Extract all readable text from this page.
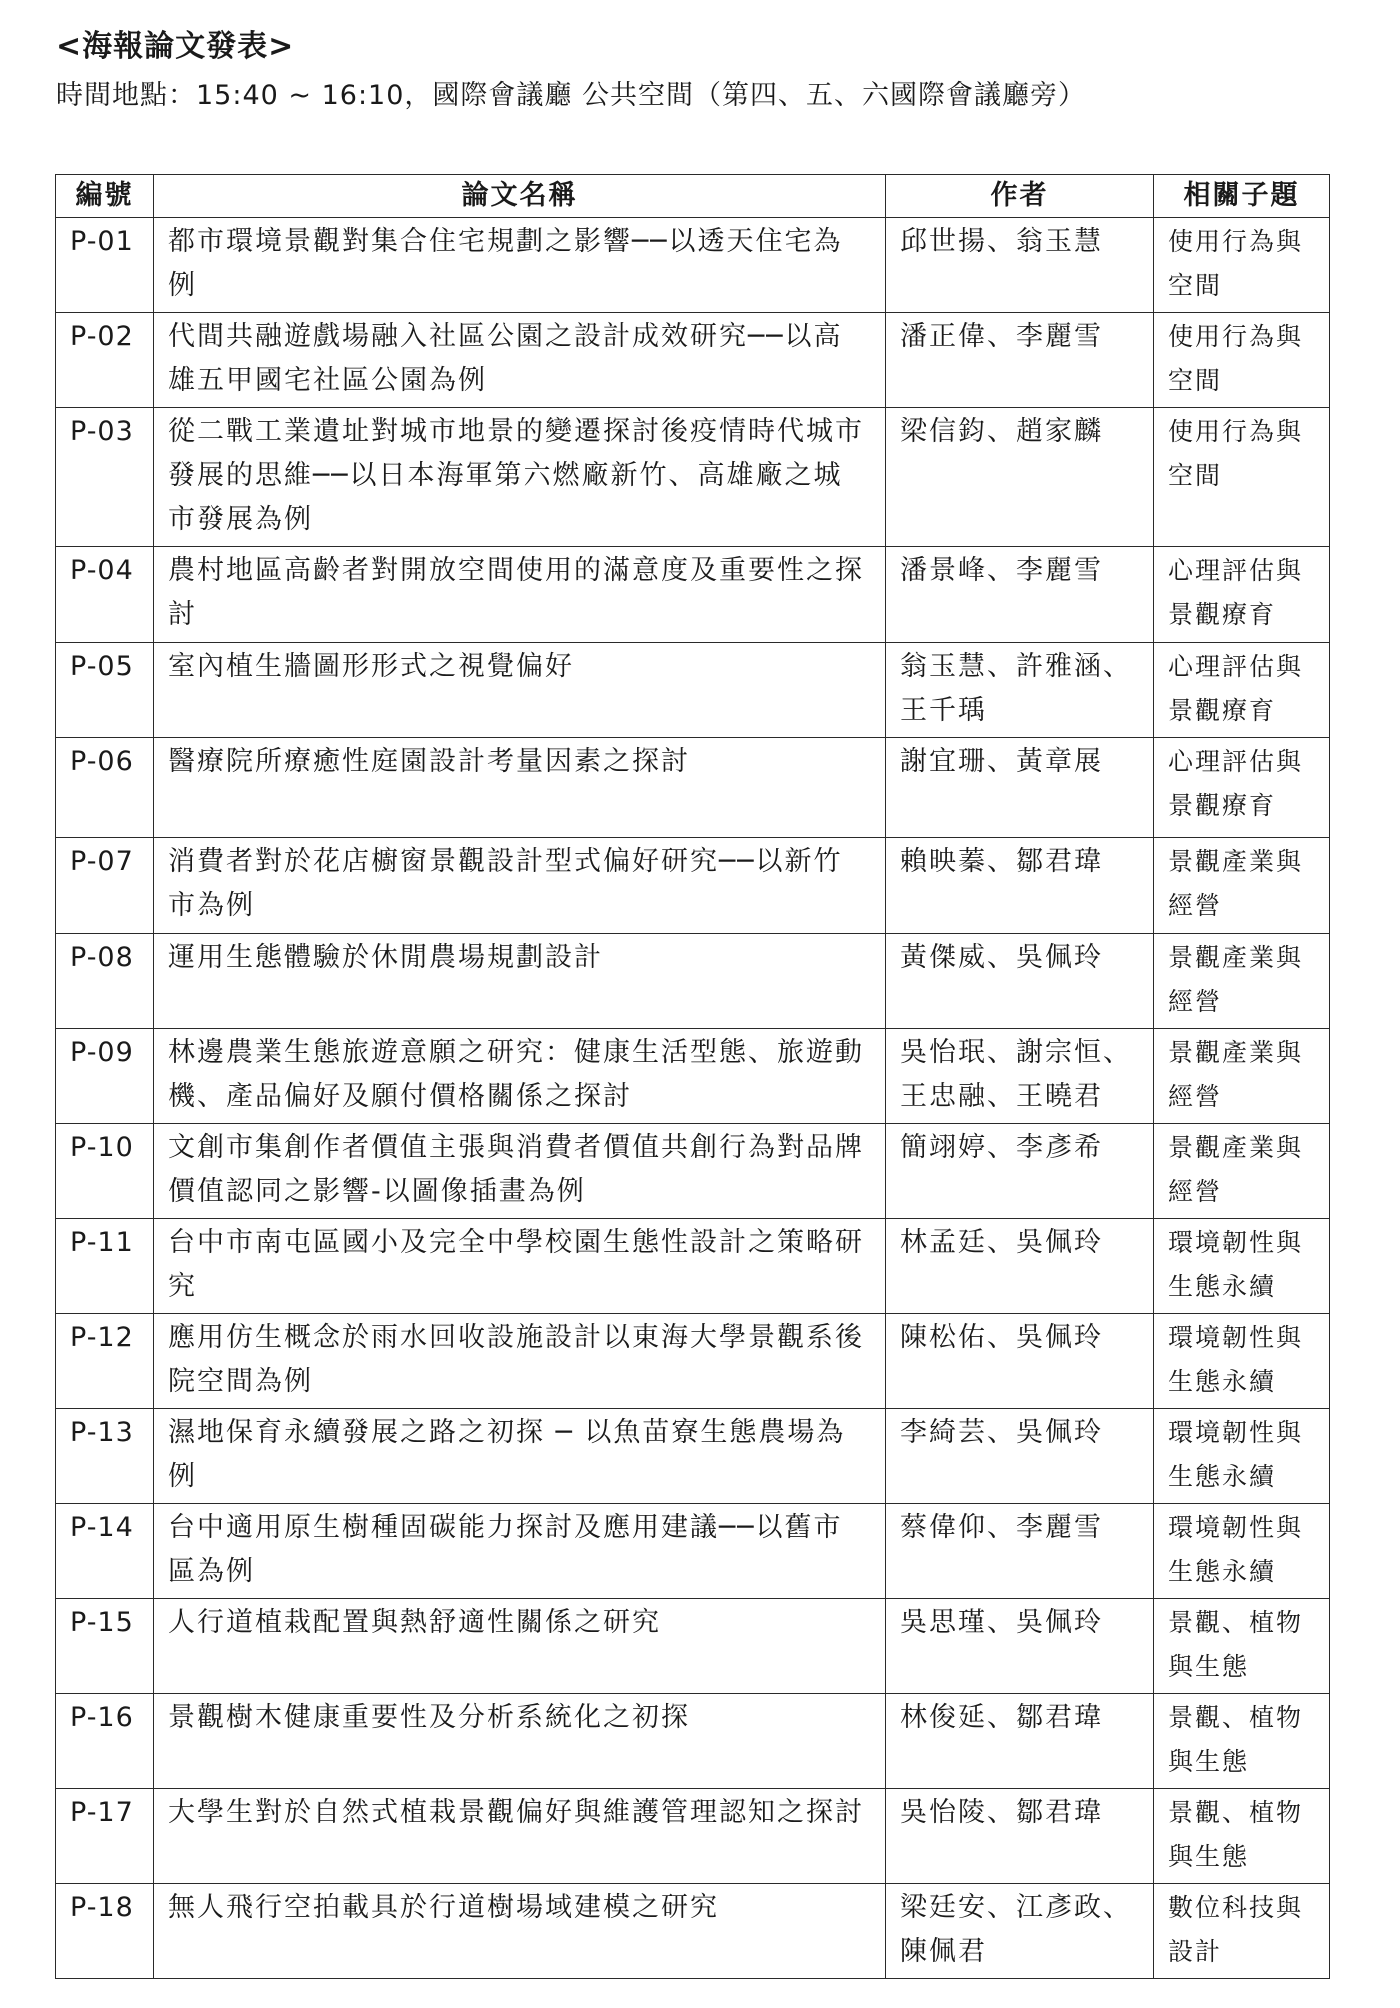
<海報論文發表>
時間地點：15:40 ~ 16:10，國際會議廳 公共空間（第四、五、六國際會議廳旁）
編號	論文名稱	作者	相關子題
P-01	都市環境景觀對集合住宅規劃之影響──以透天住宅為例	邱世揚、翁玉慧	使用行為與空間
P-02	代間共融遊戲場融入社區公園之設計成效研究──以高雄五甲國宅社區公園為例	潘正偉、李麗雪	使用行為與空間
P-03	從二戰工業遺址對城市地景的變遷探討後疫情時代城市發展的思維──以日本海軍第六燃廠新竹、高雄廠之城市發展為例	梁信鈞、趙家麟	使用行為與空間
P-04	農村地區高齡者對開放空間使用的滿意度及重要性之探討	潘景峰、李麗雪	心理評估與景觀療育
P-05	室內植生牆圖形形式之視覺偏好	翁玉慧、許雅涵、王千瑀	心理評估與景觀療育
P-06	醫療院所療癒性庭園設計考量因素之探討	謝宜珊、黃章展	心理評估與景觀療育
P-07	消費者對於花店櫥窗景觀設計型式偏好研究──以新竹市為例	賴映蓁、鄒君瑋	景觀產業與經營
P-08	運用生態體驗於休閒農場規劃設計	黃傑威、吳佩玲	景觀產業與經營
P-09	林邊農業生態旅遊意願之研究：健康生活型態、旅遊動機、產品偏好及願付價格關係之探討	吳怡珉、謝宗恒、王忠融、王曉君	景觀產業與經營
P-10	文創市集創作者價值主張與消費者價值共創行為對品牌價值認同之影響-以圖像插畫為例	簡翊婷、李彥希	景觀產業與經營
P-11	台中市南屯區國小及完全中學校園生態性設計之策略研究	林孟廷、吳佩玲	環境韌性與生態永續
P-12	應用仿生概念於雨水回收設施設計以東海大學景觀系後院空間為例	陳松佑、吳佩玲	環境韌性與生態永續
P-13	濕地保育永續發展之路之初探 ─ 以魚苗寮生態農場為例	李綺芸、吳佩玲	環境韌性與生態永續
P-14	台中適用原生樹種固碳能力探討及應用建議──以舊市區為例	蔡偉仰、李麗雪	環境韌性與生態永續
P-15	人行道植栽配置與熱舒適性關係之研究	吳思瑾、吳佩玲	景觀、植物與生態
P-16	景觀樹木健康重要性及分析系統化之初探	林俊延、鄒君瑋	景觀、植物與生態
P-17	大學生對於自然式植栽景觀偏好與維護管理認知之探討	吳怡陵、鄒君瑋	景觀、植物與生態
P-18	無人飛行空拍載具於行道樹場域建模之研究	梁廷安、江彥政、陳佩君	數位科技與設計
